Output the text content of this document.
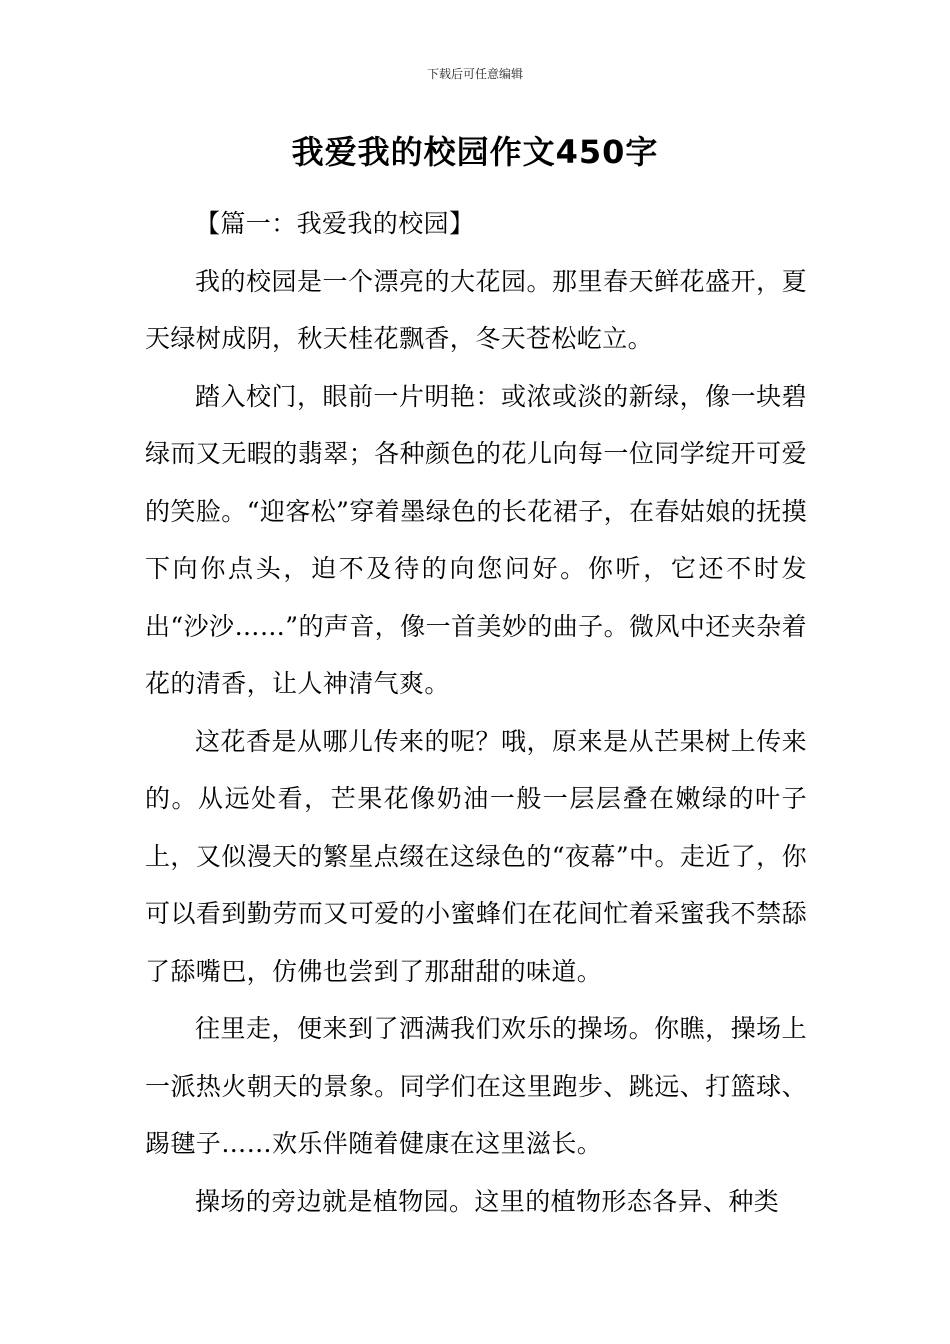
下载后可任意编辑
我爱我的校园作文450字

【篇一：我爱我的校园】

我的校园是一个漂亮的大花园。那里春天鲜花盛开，夏天绿树成阴，秋天桂花飘香，冬天苍松屹立。

踏入校门，眼前一片明艳：或浓或淡的新绿，像一块碧绿而又无暇的翡翠；各种颜色的花儿向每一位同学绽开可爱的笑脸。“迎客松”穿着墨绿色的长花裙子，在春姑娘的抚摸下向你点头，迫不及待的向您问好。你听，它还不时发出“沙沙……”的声音，像一首美妙的曲子。微风中还夹杂着花的清香，让人神清气爽。

这花香是从哪儿传来的呢？哦，原来是从芒果树上传来的。从远处看，芒果花像奶油一般一层层叠在嫩绿的叶子上，又似漫天的繁星点缀在这绿色的“夜幕”中。走近了，你可以看到勤劳而又可爱的小蜜蜂们在花间忙着采蜜我不禁舔了舔嘴巴，仿佛也尝到了那甜甜的味道。

往里走，便来到了洒满我们欢乐的操场。你瞧，操场上一派热火朝天的景象。同学们在这里跑步、跳远、打篮球、踢毽子……欢乐伴随着健康在这里滋长。

操场的旁边就是植物园。这里的植物形态各异、种类
